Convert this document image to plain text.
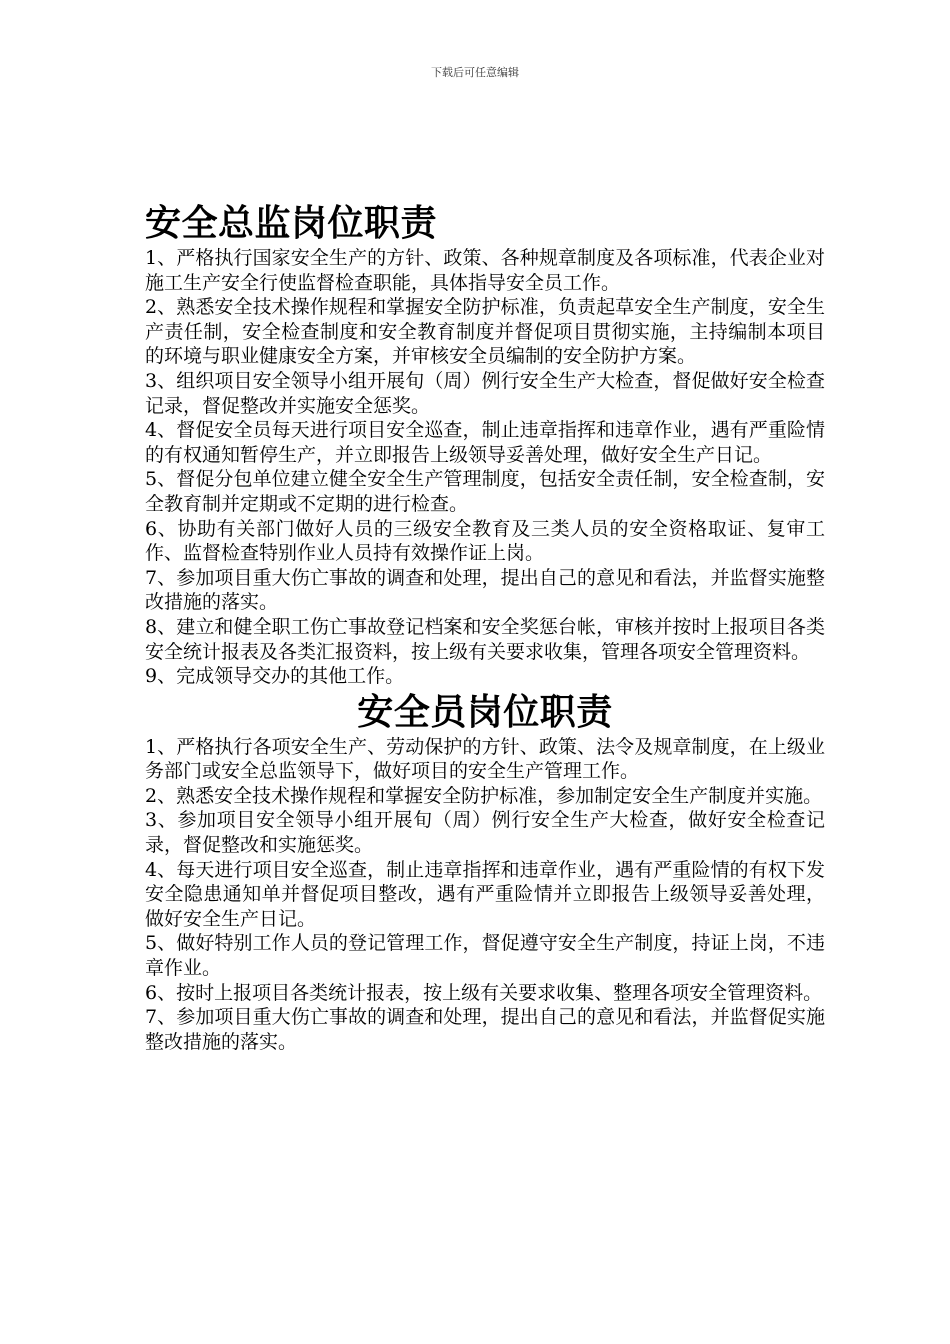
下载后可任意编辑
安全总监岗位职责

1、严格执行国家安全生产的方针、政策、各种规章制度及各项标准，代表企业对施工生产安全行使监督检查职能，具体指导安全员工作。

2、熟悉安全技术操作规程和掌握安全防护标准，负责起草安全生产制度，安全生产责任制，安全检查制度和安全教育制度并督促项目贯彻实施，主持编制本项目的环境与职业健康安全方案，并审核安全员编制的安全防护方案。

3、组织项目安全领导小组开展旬（周）例行安全生产大检查，督促做好安全检查记录，督促整改并实施安全惩奖。

4、督促安全员每天进行项目安全巡查，制止违章指挥和违章作业，遇有严重险情的有权通知暂停生产，并立即报告上级领导妥善处理，做好安全生产日记。

5、督促分包单位建立健全安全生产管理制度，包括安全责任制，安全检查制，安全教育制并定期或不定期的进行检查。

6、协助有关部门做好人员的三级安全教育及三类人员的安全资格取证、复审工作、监督检查特别作业人员持有效操作证上岗。

7、参加项目重大伤亡事故的调查和处理，提出自己的意见和看法，并监督实施整改措施的落实。

8、建立和健全职工伤亡事故登记档案和安全奖惩台帐，审核并按时上报项目各类安全统计报表及各类汇报资料，按上级有关要求收集，管理各项安全管理资料。

9、完成领导交办的其他工作。

安全员岗位职责

1、严格执行各项安全生产、劳动保护的方针、政策、法令及规章制度，在上级业务部门或安全总监领导下，做好项目的安全生产管理工作。

2、熟悉安全技术操作规程和掌握安全防护标准，参加制定安全生产制度并实施。

3、参加项目安全领导小组开展旬（周）例行安全生产大检查，做好安全检查记录，督促整改和实施惩奖。

4、每天进行项目安全巡查，制止违章指挥和违章作业，遇有严重险情的有权下发安全隐患通知单并督促项目整改，遇有严重险情并立即报告上级领导妥善处理，做好安全生产日记。

5、做好特别工作人员的登记管理工作，督促遵守安全生产制度，持证上岗，不违章作业。

6、按时上报项目各类统计报表，按上级有关要求收集、整理各项安全管理资料。

7、参加项目重大伤亡事故的调查和处理，提出自己的意见和看法，并监督促实施整改措施的落实。
